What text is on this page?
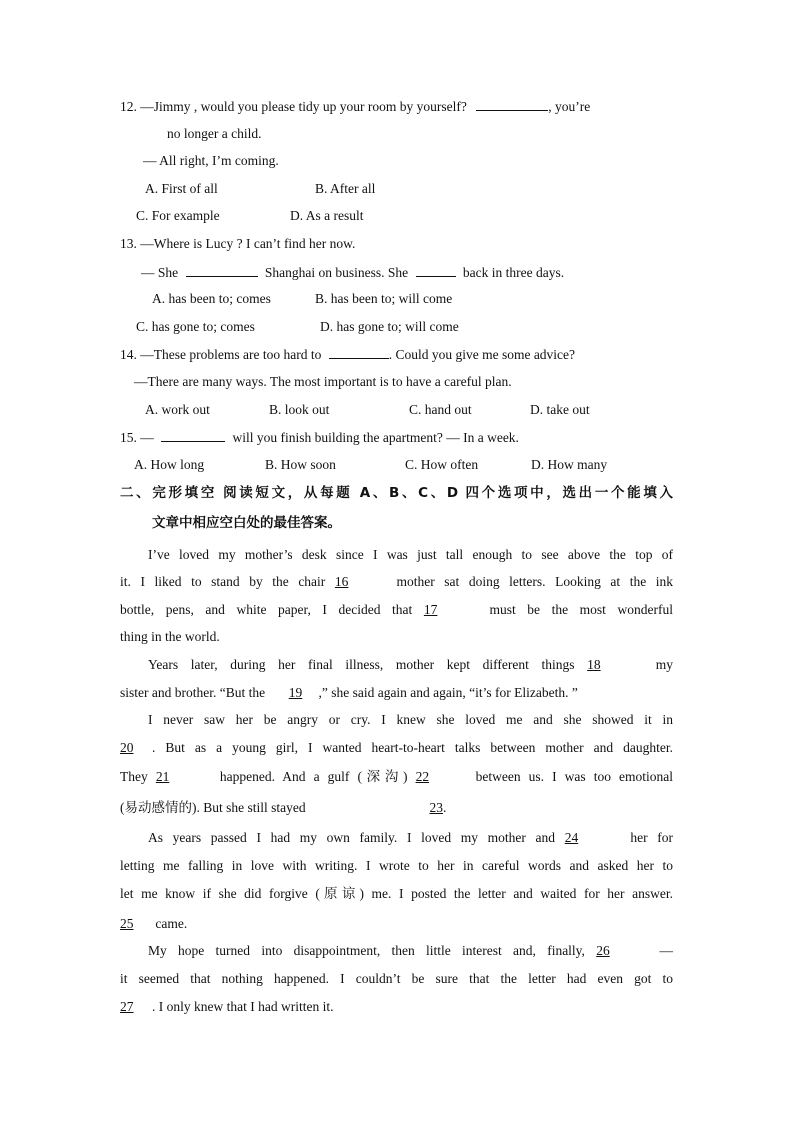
12. —Jimmy , would you please tidy up your room by yourself?	, you’re
no longer a child.
— All right, I’m coming.
A. First of all	B. After all
C. For example	D. As a result
13. —Where is Lucy ? I can’t find her now.
— She	Shanghai on business. She	back in three days.
A. has been to; comes	B. has been to; will come
C. has gone to; comes	D. has gone to; will come
14. —These problems are too hard to	. Could you give me some advice?
—There are many ways. The most important is to have a careful plan.
A. work out	B. look out	C. hand out	D. take out
15. —	will you finish building the apartment? — In a week.
A. How long	B. How soon	C. How often	D. How many
二、完形填空 阅读短文，从每题 A、B、C、D 四个选项中，选出一个能填入
文章中相应空白处的最佳答案。
I’ve loved my mother’s desk since I was just tall enough to see above the top of
it. I liked to stand by the chair 16	mother sat doing letters. Looking at the ink
bottle, pens, and white paper, I decided that 17	must be the most wonderful
thing in the world.
Years later, during her final illness, mother kept different things 18	my
sister and brother. “But the 19 ,” she said again and again, “it’s for Elizabeth. ”
I never saw her be angry or cry. I knew she loved me and she showed it in
20 . But as a young girl, I wanted heart-to-heart talks between mother and daughter.
They 21	happened. And a gulf (深沟) 22	between us. I was too emotional
(易动感情的). But she still stayed	23.
As years passed I had my own family. I loved my mother and 24	her for
letting me falling in love with writing. I wrote to her in careful words and asked her to
let me know if she did forgive (原谅) me. I posted the letter and waited for her answer.
25 came.
My hope turned into disappointment, then little interest and, finally, 26	—
it seemed that nothing happened. I couldn’t be sure that the letter had even got to
27 . I only knew that I had written it.
